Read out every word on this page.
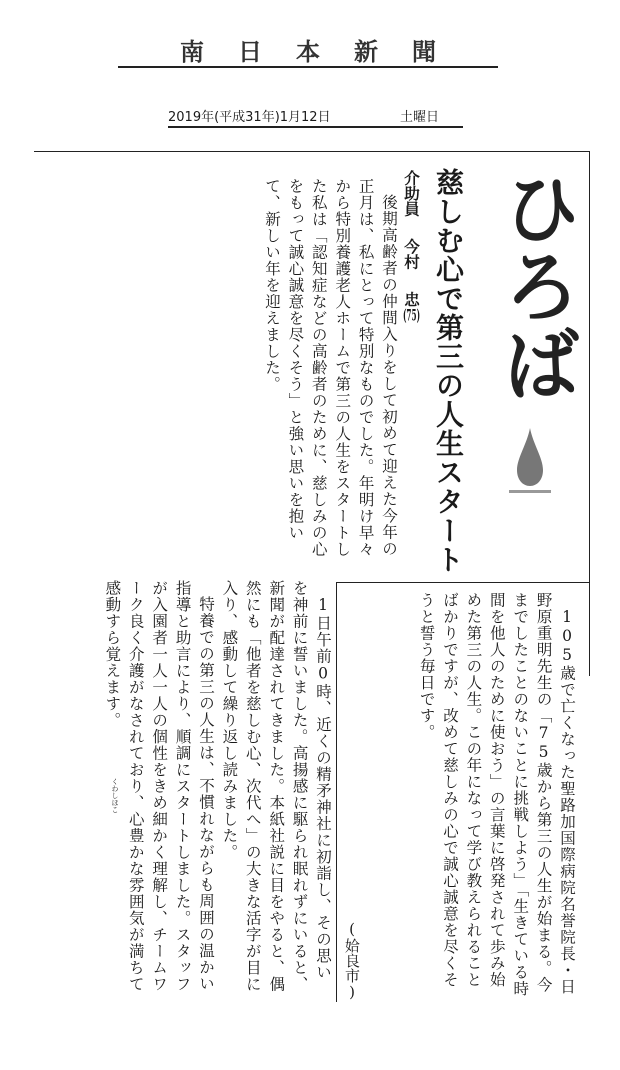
南日本新聞
2019年(平成31年)1月12日	土曜日
ひろば
慈しむ心で第三の人生スタート
介助員今村忠(75)

後期高齢者の仲間入りをして初めて迎えた今年の正月は、私にとって特別なものでした。年明け早々から特別養護老人ホームで第三の人生をスタートした私は「認知症などの高齢者のために、慈しみの心をもって誠心誠意を尽くそう」と強い思いを抱いて、新しい年を迎えました。

1日午前0時、近くの精矛神社に初詣し、その思いを神前に誓いました。高揚感に駆られ眠れずにいると、新聞が配達されてきました。本紙社説に目をやると、偶然にも「他者を慈しむ心、次代へ」の大きな活字が目に入り、感動して繰り返し読みました。

特養での第三の人生は、不慣れながらも周囲の温かい指導と助言により、順調にスタートしました。スタッフが入園者一人一人の個性をきめ細かく理解し、チームワーク良く介護がなされており、心豊かな雰囲気が満ちて感動すら覚えます。	105歳で亡くなった聖路加国際病院名誉院長・日野原重明先生の「75歳から第三の人生が始まる。今までしたことのないことに挑戦しよう」「生きている時間を他人のために使おう」の言葉に啓発されて歩み始めた第三の人生。この年になって学び教えられることばかりですが、改めて慈しみの心で誠心誠意を尽くそうと誓う毎日です。

くわしほこ
(姶良市)
